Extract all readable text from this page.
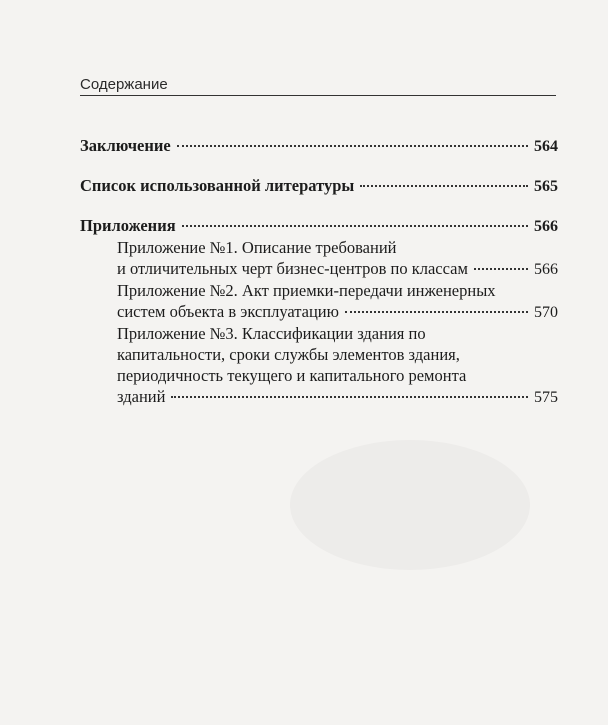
Содержание
Заключение	564
Список использованной литературы	565
Приложения	566
Приложение №1. Описание требований
и отличительных черт бизнес-центров по классам	566
Приложение №2. Акт приемки-передачи инженерных
систем объекта в эксплуатацию	570
Приложение №3. Классификации здания по
капитальности, сроки службы элементов здания,
периодичность текущего и капитального ремонта
зданий	575
